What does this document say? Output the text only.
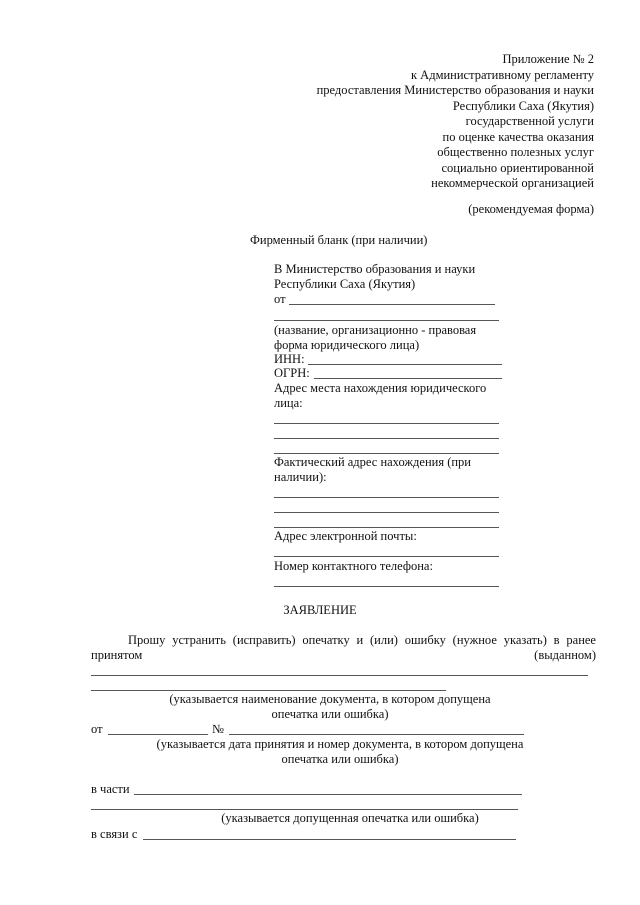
Приложение № 2
к Административному регламенту
предоставления Министерство образования и науки
Республики Саха (Якутия)
государственной услуги
по оценке качества оказания
общественно полезных услуг
социально ориентированной
некоммерческой организацией
(рекомендуемая форма)
Фирменный бланк (при наличии)
В Министерство образования и науки
Республики Саха (Якутия)
от
(название, организационно - правовая
форма юридического лица)
ИНН:
ОГРН:
Адрес места нахождения юридического
лица:
Фактический адрес нахождения (при
наличии):
Адрес электронной почты:
Номер контактного телефона:
ЗАЯВЛЕНИЕ
Прошу устранить (исправить) опечатку и (или) ошибку (нужное указать) в ранее
принятом	(выданном)
(указывается наименование документа, в котором допущена
опечатка или ошибка)
от	№
(указывается дата принятия и номер документа, в котором допущена
опечатка или ошибка)
в части
(указывается допущенная опечатка или ошибка)
в связи с
